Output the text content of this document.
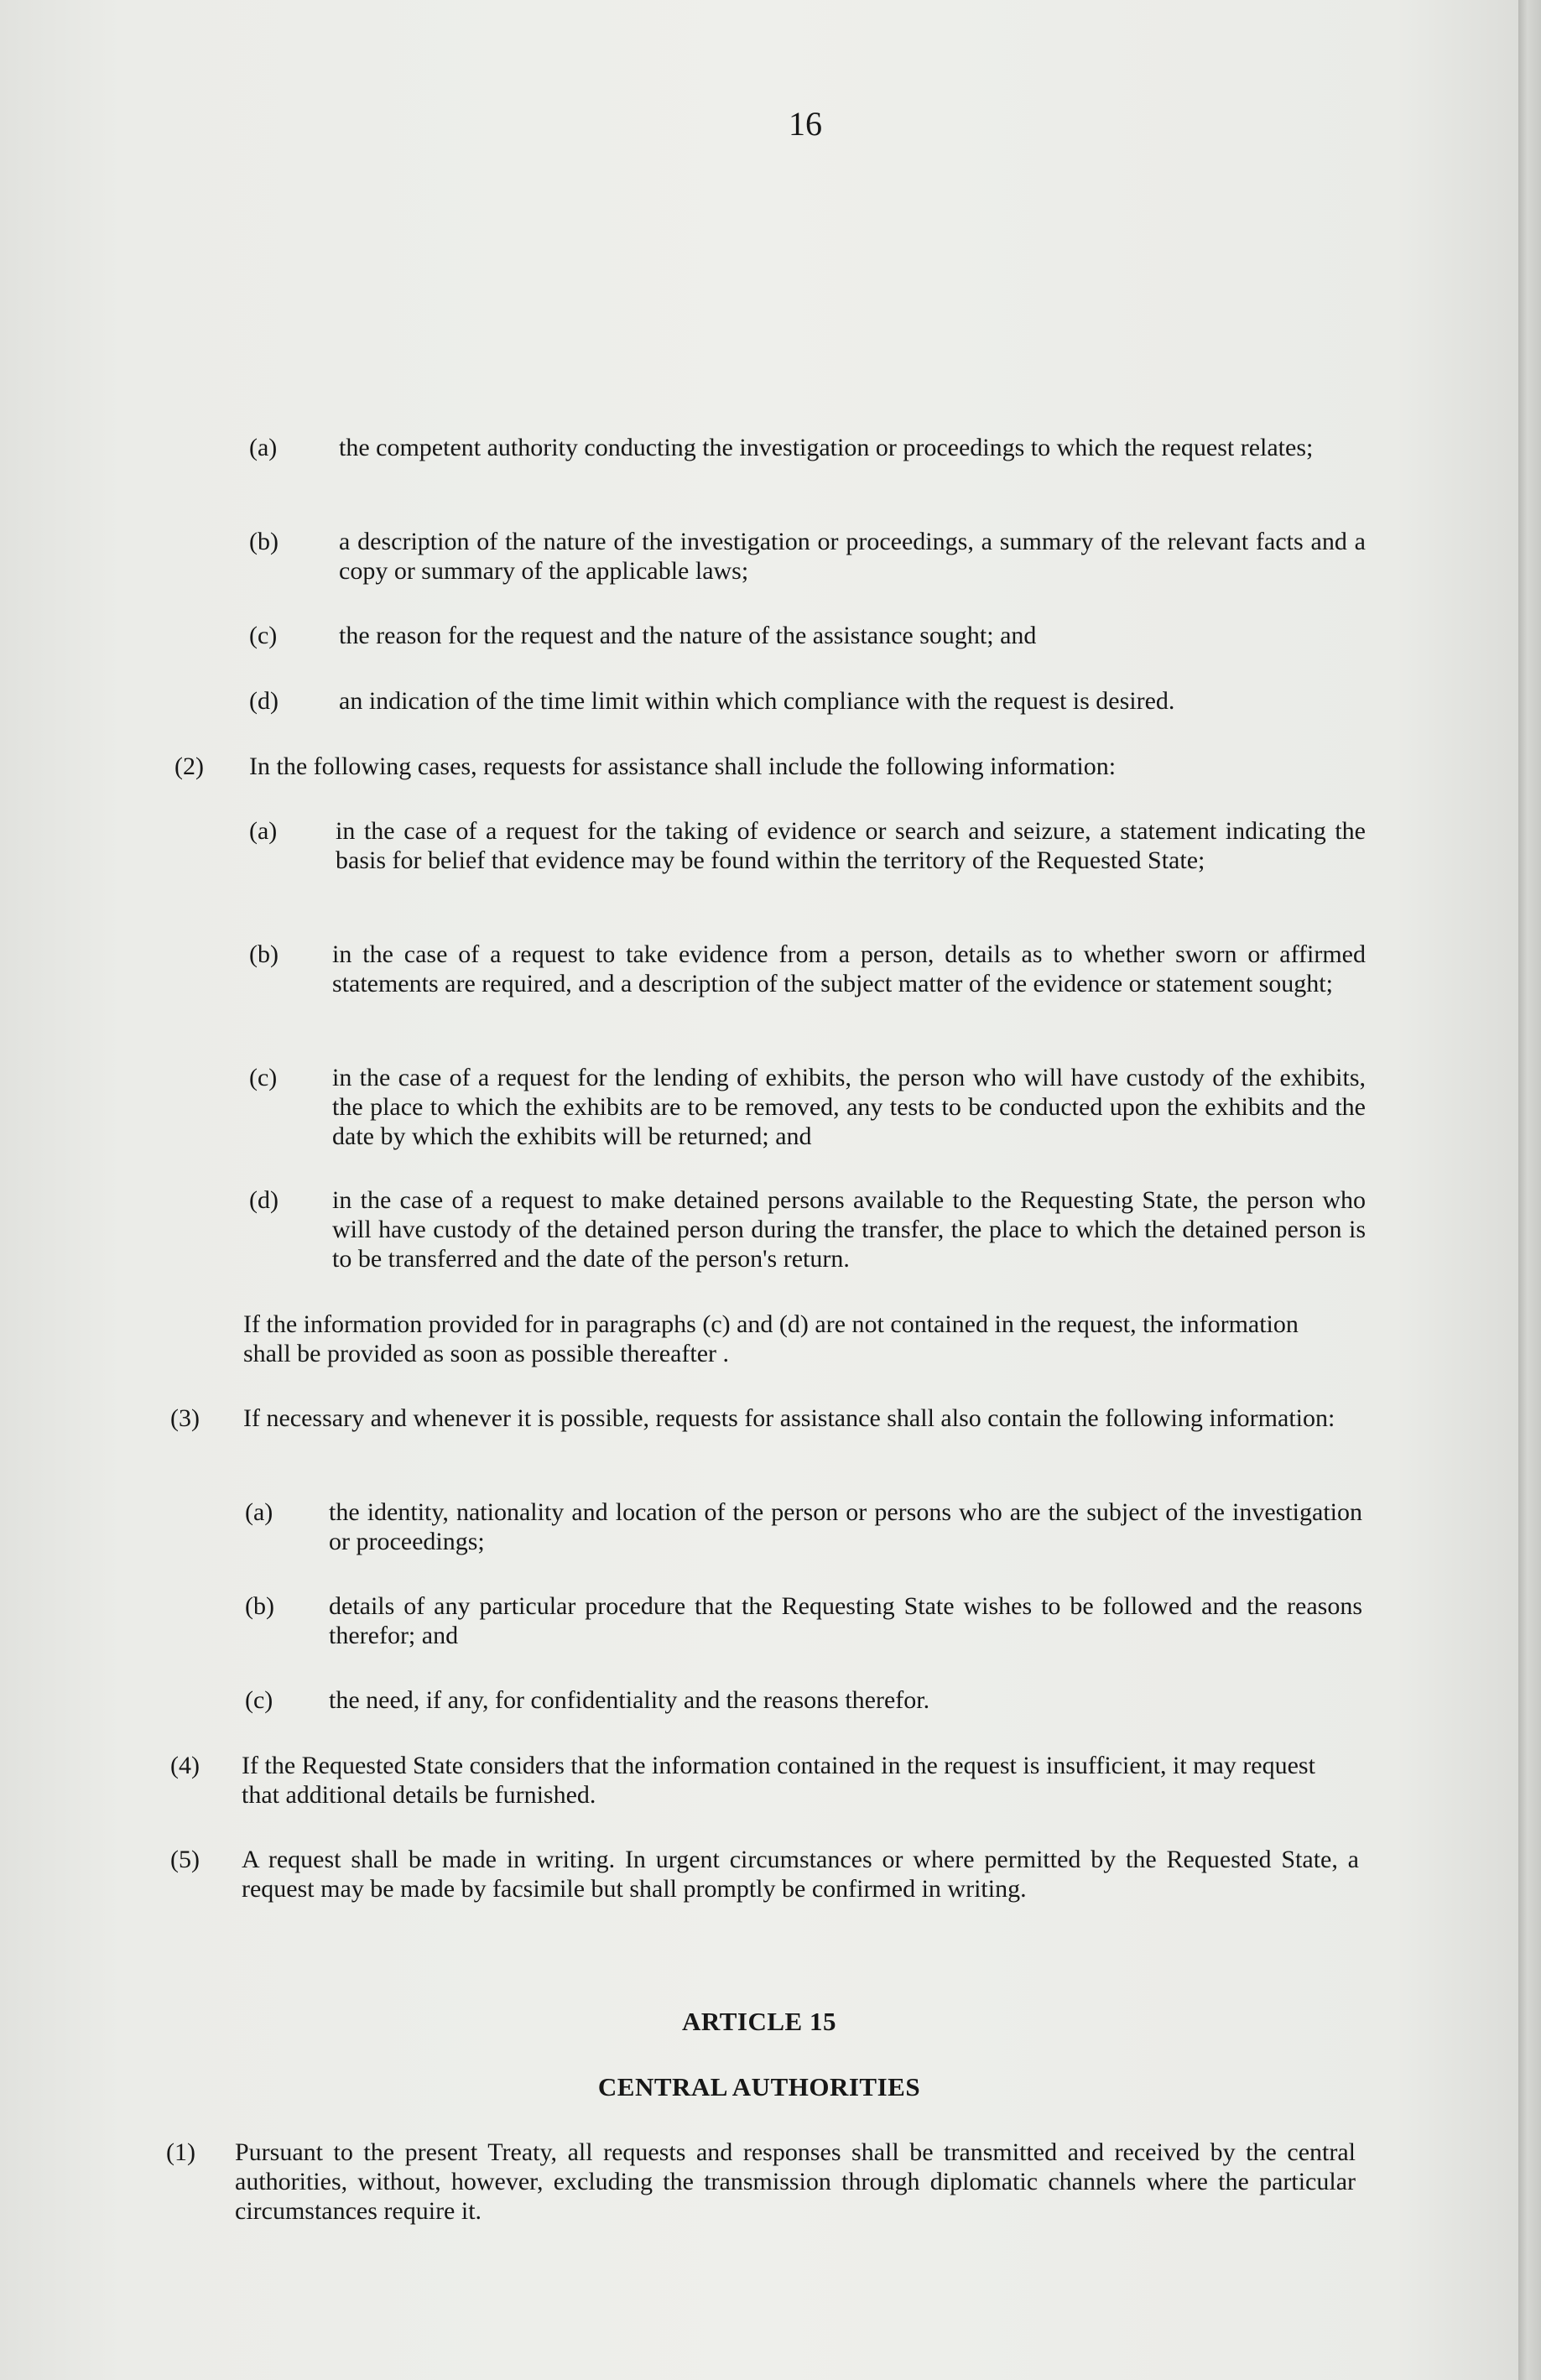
16
(a) the competent authority conducting the investigation or proceedings to which the request relates;
(b) a description of the nature of the investigation or proceedings, a summary of the relevant facts and a copy or summary of the applicable laws;
(c) the reason for the request and the nature of the assistance sought; and
(d) an indication of the time limit within which compliance with the request is desired.
(2) In the following cases, requests for assistance shall include the following information:
(a) in the case of a request for the taking of evidence or search and seizure, a statement indicating the basis for belief that evidence may be found within the territory of the Requested State;
(b) in the case of a request to take evidence from a person, details as to whether sworn or affirmed statements are required, and a description of the subject matter of the evidence or statement sought;
(c) in the case of a request for the lending of exhibits, the person who will have custody of the exhibits, the place to which the exhibits are to be removed, any tests to be conducted upon the exhibits and the date by which the exhibits will be returned; and
(d) in the case of a request to make detained persons available to the Requesting State, the person who will have custody of the detained person during the transfer, the place to which the detained person is to be transferred and the date of the person's return.
If the information provided for in paragraphs (c) and (d) are not contained in the request, the information shall be provided as soon as possible thereafter .
(3) If necessary and whenever it is possible, requests for assistance shall also contain the following information:
(a) the identity, nationality and location of the person or persons who are the subject of the investigation or proceedings;
(b) details of any particular procedure that the Requesting State wishes to be followed and the reasons therefor; and
(c) the need, if any, for confidentiality and the reasons therefor.
(4) If the Requested State considers that the information contained in the request is insufficient, it may request that additional details be furnished.
(5) A request shall be made in writing. In urgent circumstances or where permitted by the Requested State, a request may be made by facsimile but shall promptly be confirmed in writing.
ARTICLE 15
CENTRAL AUTHORITIES
(1) Pursuant to the present Treaty, all requests and responses shall be transmitted and received by the central authorities, without, however, excluding the transmission through diplomatic channels where the particular circumstances require it.
